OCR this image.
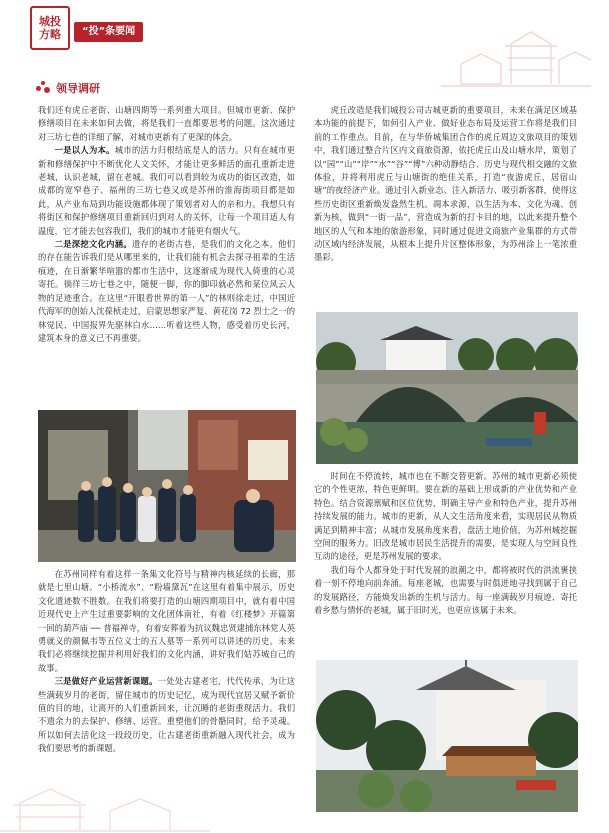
城投
方略	“投”条要闻
领导调研

我们还有虎丘老街、山塘四期等一系列重大项目。但城市更新、保护修缮项目在未来如何去做，将是我们一直都要思考的问题。这次通过对三坊七巷的详细了解，对城市更新有了更深的体会。

一是以人为本。城市的活力归根结底是人的活力。只有在城市更新和修缮保护中不断优化人文关怀，才能让更多鲜活的面孔重新走进老城，认识老城，留在老城。我们可以看到较为成功的街区改造，如成都的宽窄巷子、福州的三坊七巷又或是苏州的淮海街项目都是如此，从产业布局到功能设施都体现了策划者对人的亲和力。我想只有将街区和保护修缮项目重新回归到对人的关怀，让每一个项目适人有温度，它才能去包容我们，我们的城市才能更有烟火气。

二是深挖文化内涵。遗存的老街古巷，是我们的文化之本。他们的存在能告诉我们是从哪里来的，让我们能有机会去探寻祖辈的生活痕迹，在日渐繁华喧嚣的都市生活中，这逐渐成为现代人倚重的心灵寄托。徜徉三坊七巷之中，随便一脚，你的脚印就必然和某位风云人物的足迹重合。在这里“开眼看世界的第一人”的林则徐走过，中国近代海军的创始人沈葆桢走过，启蒙思想家严复、黄花岗 72 烈士之一的林觉民、中国报界先驱林白水……听着这些人物，感受着历史长河，建筑本身的意义已不再重要。

在苏州同样有着这样一条集文化符号与精神内核延续的长廊，那就是七里山塘。“小桥流水”、“粉墙黛瓦”在这里有着集中展示，历史文化遗迹数不胜数。在我们将要打造的山塘四期项目中，就有着中国近现代史上产生过重要影响的文化团体南社，有着《红楼梦》开篇第一回的葫芦庙 ── 普福禅寺，有着安葬着为抗议魏忠贤逮捕东林党人英勇就义的颜佩韦等五位义士的五人墓等一系列可以讲述的历史。未来我们必将继续挖掘并利用好我们的文化内涵，讲好我们姑苏城自己的故事。

三是做好产业运营新课题。一处处古建老宅，代代传承，为让这些满载岁月的老街，留住城市的历史记忆，成为现代宜居又赋予新价值的目的地，让离开的人们重新回来，让沉睡的老街重现活力。我们不遗余力的去保护、修缮、运营。重塑他们的骨骼同时，给予灵魂。所以如何去活化这一段段历史，让古建老街重新融入现代社会，成为我们要思考的新课题。

虎丘改造是我们城投公司古城更新的重要项目，未来在满足区域基本功能的前提下，如何引入产业、做好业态布局及运营工作将是我们目前的工作重点。目前，在与华侨城集团合作的虎丘周边文旅项目的策划中，我们通过整合片区内文商旅资源，依托虎丘山及山塘水岸，策划了以“园”“山”“岸”“水”“谷”“博”六种动静结合、历史与现代相交融的文旅体验，并将利用虎丘与山塘街的绝佳关系，打造“夜游虎丘，居宿山塘”的夜经济产业。通过引入新业态、注入新活力、吸引新客群，使得这些历史街区重新焕发盎然生机。凋本求源，以生活为本、文化为魂、创新为核，做到“一街一品”，营造成为新的打卡目的地，以此来提升整个地区的人气和本地的旅游形象，同时通过促进文商旅产业集群的方式带动区域内经济发展，从根本上提升片区整体形象，为苏州涂上一笔浓重墨彩。

时间在不停流转，城市也在不断交替更新。苏州的城市更新必须使它的个性更浓，特色更鲜明。要在新的基础上形成新的产业优势和产业特色。结合资源禀赋和区位优势，明确主导产业和特色产业，提升苏州持续发展的能力。城市的更新，从人文生活角度来看，实现居民从物质满足到精神丰富；从城市发展角度来看，盘活土地价值，为苏州城挖掘空间的服务力。旧改是城市居民生活提升的需要，是实现人与空间良性互动的途径，更是苏州发展的要求。

我们每个人都身处于时代发展的浪潮之中，都将被时代的洪流裹挟着一刻不停地向前奔涌。每座老城，也需要与时俱进地寻找到属于自己的发展路径，方能焕发出新的生机与活力。每一座满载岁月痕迹、寄托着乡愁与情怀的老城，属于旧时光，也更应该属于未来。
